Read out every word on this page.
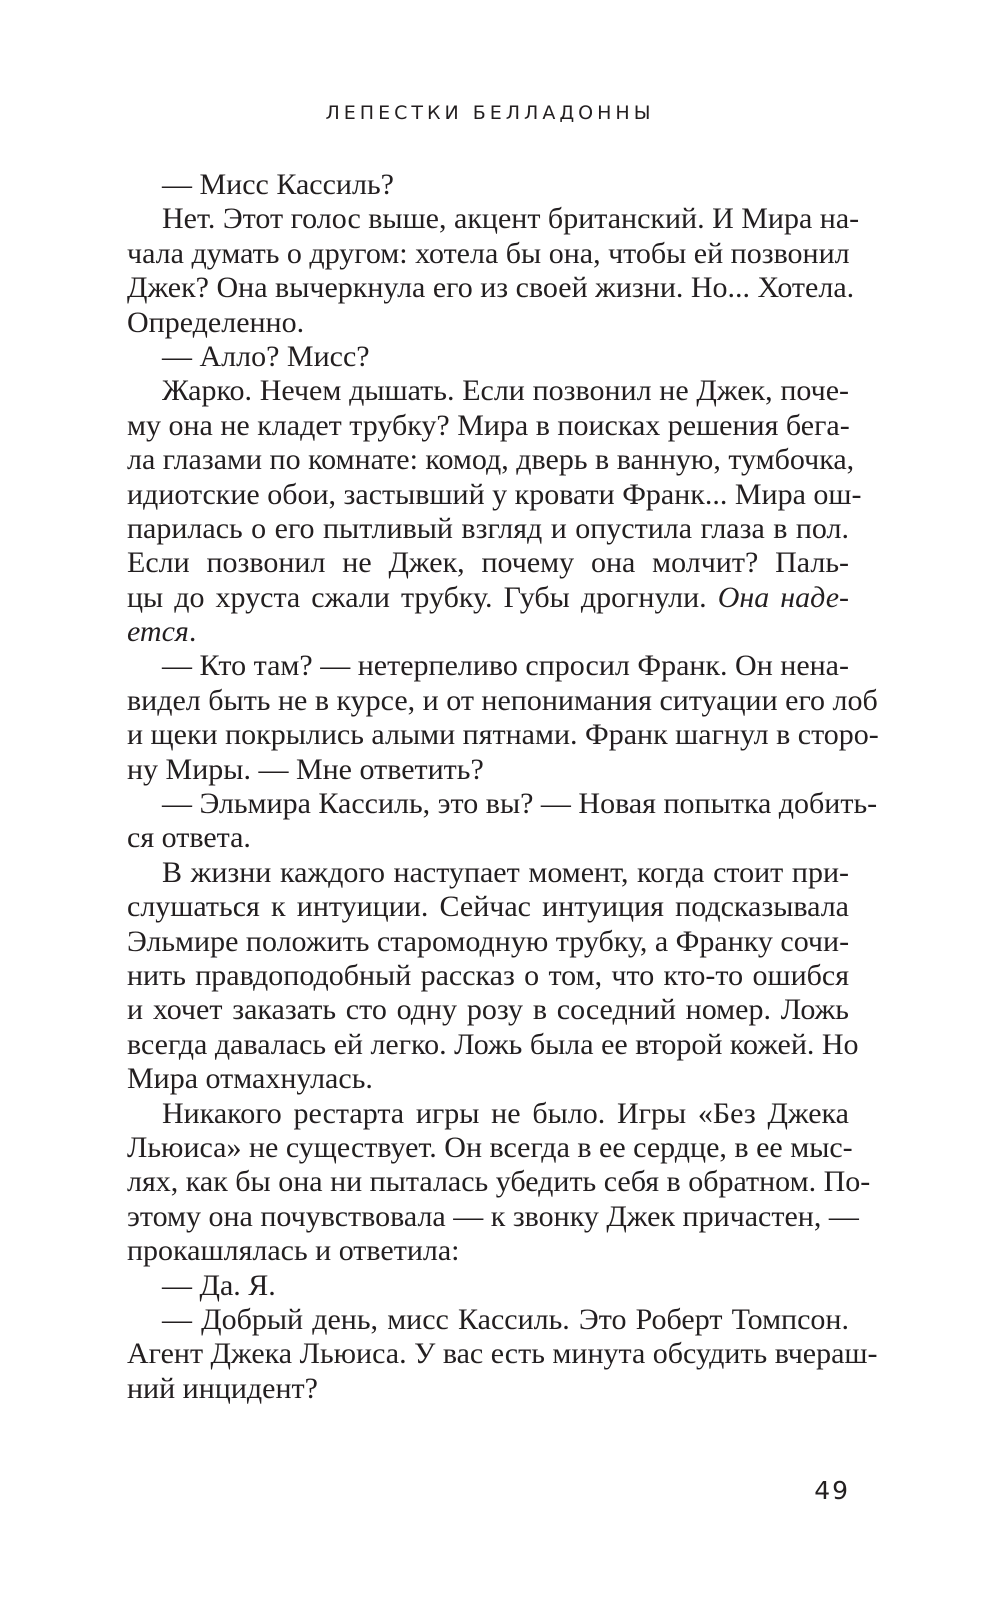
ЛЕПЕСТКИ БЕЛЛАДОННЫ
— Мисс Кассиль?
Нет. Этот голос выше, акцент британский. И Мира на-
чала думать о другом: хотела бы она, чтобы ей позвонил
Джек? Она вычеркнула его из своей жизни. Но... Хотела.
Определенно.
— Алло? Мисс?
Жарко. Нечем дышать. Если позвонил не Джек, поче-
му она не кладет трубку? Мира в поисках решения бега-
ла глазами по комнате: комод, дверь в ванную, тумбочка,
идиотские обои, застывший у кровати Франк... Мира ош-
парилась о его пытливый взгляд и опустила глаза в пол.
Если позвонил не Джек, почему она молчит? Паль-
цы до хруста сжали трубку. Губы дрогнули. Она наде-
ется.
— Кто там? — нетерпеливо спросил Франк. Он нена-
видел быть не в курсе, и от непонимания ситуации его лоб
и щеки покрылись алыми пятнами. Франк шагнул в сторо-
ну Миры. — Мне ответить?
— Эльмира Кассиль, это вы? — Новая попытка добить-
ся ответа.
В жизни каждого наступает момент, когда стоит при-
слушаться к интуиции. Сейчас интуиция подсказывала
Эльмире положить старомодную трубку, а Франку сочи-
нить правдоподобный рассказ о том, что кто-то ошибся
и хочет заказать сто одну розу в соседний номер. Ложь
всегда давалась ей легко. Ложь была ее второй кожей. Но
Мира отмахнулась.
Никакого рестарта игры не было. Игры «Без Джека
Льюиса» не существует. Он всегда в ее сердце, в ее мыс-
лях, как бы она ни пыталась убедить себя в обратном. По-
этому она почувствовала — к звонку Джек причастен, —
прокашлялась и ответила:
— Да. Я.
— Добрый день, мисс Кассиль. Это Роберт Томпсон.
Агент Джека Льюиса. У вас есть минута обсудить вчераш-
ний инцидент?
49
